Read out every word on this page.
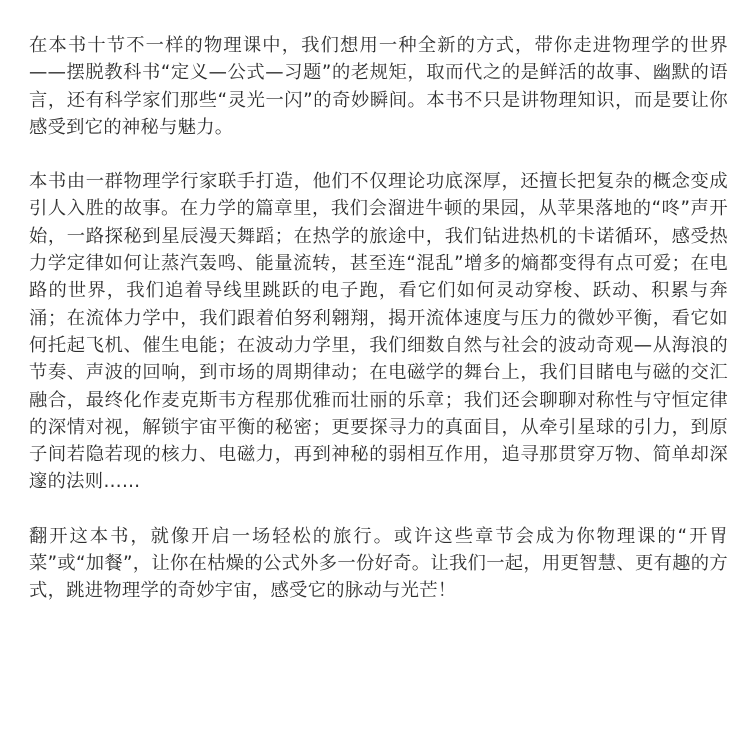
在本书十节不一样的物理课中，我们想用一种全新的方式，带你走进物理学的世界——摆脱教科书“定义—公式—习题”的老规矩，取而代之的是鲜活的故事、幽默的语言，还有科学家们那些“灵光一闪”的奇妙瞬间。本书不只是讲物理知识，而是要让你感受到它的神秘与魅力。

本书由一群物理学行家联手打造，他们不仅理论功底深厚，还擅长把复杂的概念变成引人入胜的故事。在力学的篇章里，我们会溜进牛顿的果园，从苹果落地的“咚”声开始，一路探秘到星辰漫天舞蹈；在热学的旅途中，我们钻进热机的卡诺循环，感受热力学定律如何让蒸汽轰鸣、能量流转，甚至连“混乱”增多的熵都变得有点可爱；在电路的世界，我们追着导线里跳跃的电子跑，看它们如何灵动穿梭、跃动、积累与奔涌；在流体力学中，我们跟着伯努利翱翔，揭开流体速度与压力的微妙平衡，看它如何托起飞机、催生电能；在波动力学里，我们细数自然与社会的波动奇观—从海浪的节奏、声波的回响，到市场的周期律动；在电磁学的舞台上，我们目睹电与磁的交汇融合，最终化作麦克斯韦方程那优雅而壮丽的乐章；我们还会聊聊对称性与守恒定律的深情对视，解锁宇宙平衡的秘密；更要探寻力的真面目，从牵引星球的引力，到原子间若隐若现的核力、电磁力，再到神秘的弱相互作用，追寻那贯穿万物、简单却深邃的法则……

翻开这本书，就像开启一场轻松的旅行。或许这些章节会成为你物理课的“开胃菜”或“加餐”，让你在枯燥的公式外多一份好奇。让我们一起，用更智慧、更有趣的方式，跳进物理学的奇妙宇宙，感受它的脉动与光芒！
